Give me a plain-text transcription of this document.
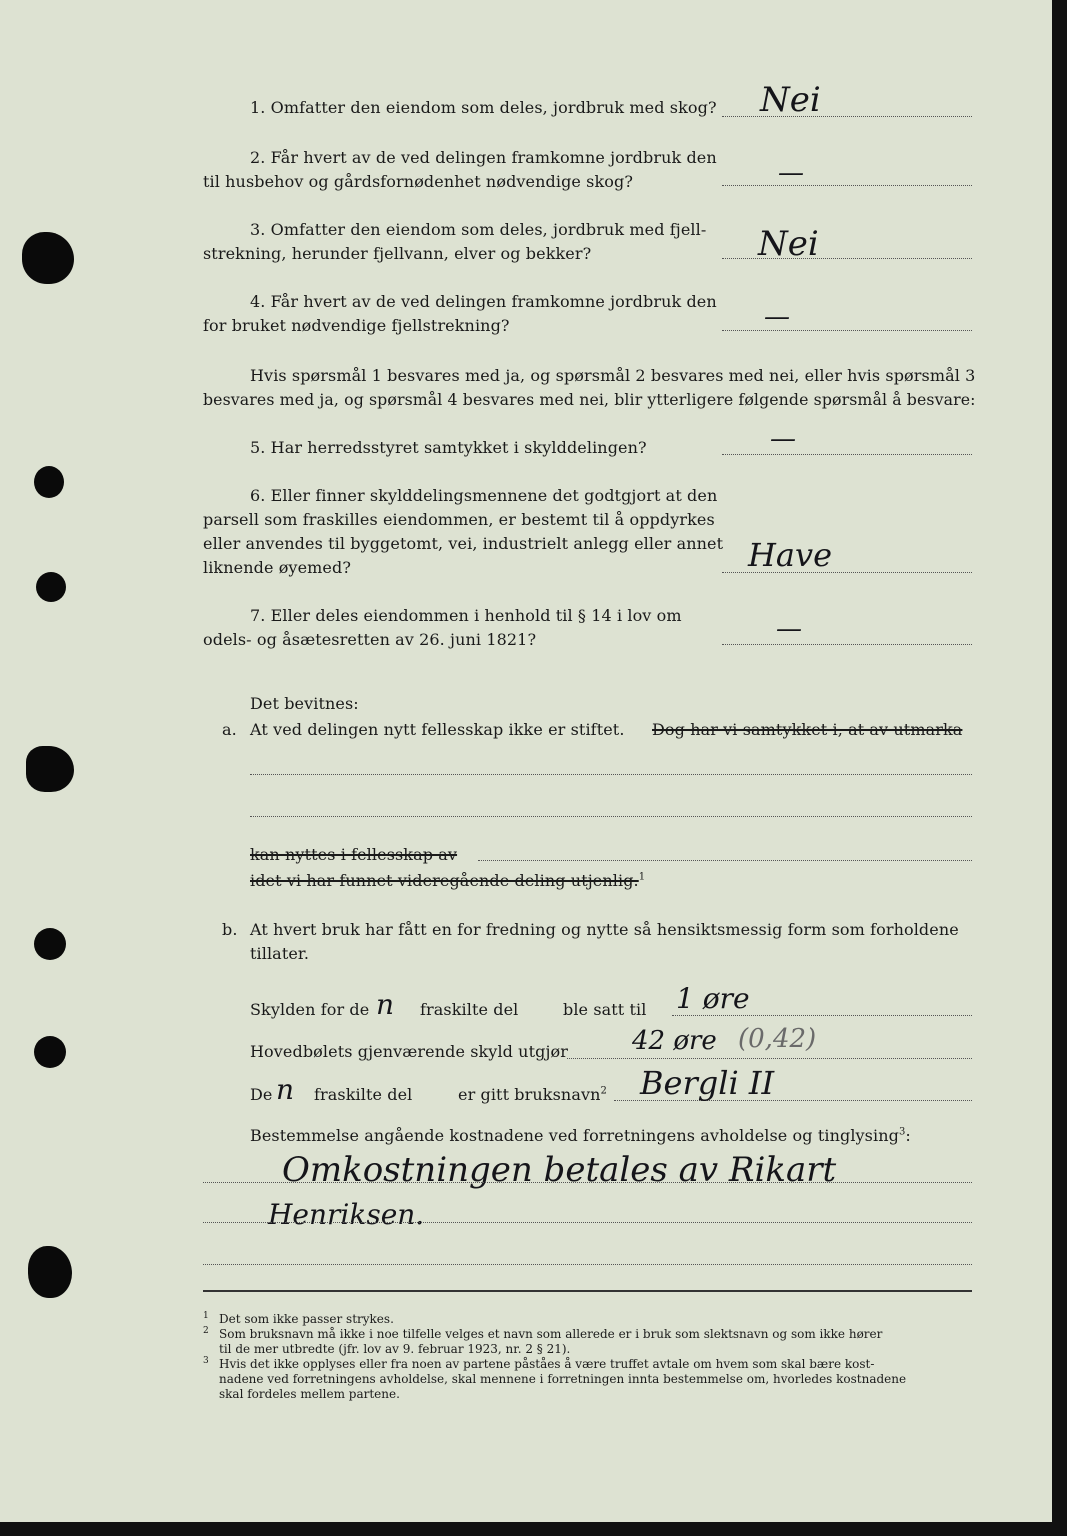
1. Omfatter den eiendom som deles, jordbruk med skog? Nei
2. Får hvert av de ved delingen framkomne jordbruk den
til husbehov og gårdsfornødenhet nødvendige skog?	—
3. Omfatter den eiendom som deles, jordbruk med fjell-
strekning, herunder fjellvann, elver og bekker?	Nei
4. Får hvert av de ved delingen framkomne jordbruk den
for bruket nødvendige fjellstrekning?	—
Hvis spørsmål 1 besvares med ja, og spørsmål 2 besvares med nei, eller hvis spørsmål 3
besvares med ja, og spørsmål 4 besvares med nei, blir ytterligere følgende spørsmål å besvare:
5. Har herredsstyret samtykket i skylddelingen?	—
6. Eller finner skylddelingsmennene det godtgjort at den
parsell som fraskilles eiendommen, er bestemt til å oppdyrkes
eller anvendes til byggetomt, vei, industrielt anlegg eller annet
liknende øyemed?	Have
7. Eller deles eiendommen i henhold til § 14 i lov om
odels- og åsætesretten av 26. juni 1821?	—
Det bevitnes:
a. At ved delingen nytt fellesskap ikke er stiftet. Dog har vi samtykket i, at av utmarka
kan nyttes i fellesskap av
idet vi har funnet videregående deling utjenlig.$^1$
b. At hvert bruk har fått en for fredning og nytte så hensiktsmessig form som forholdene
tillater.
Skylden for de n fraskilte del	ble satt til 1 øre
Hovedbølets gjenværende skyld utgjør 42 øre (0,42)
De n fraskilte del	er gitt bruksnavn$^2$ Bergli II
Bestemmelse angående kostnadene ved forretningens avholdelse og tinglysing$^3$:
Omkostningen betales av Rikart
Henriksen.
1 Det som ikke passer strykes.
2 Som bruksnavn må ikke i noe tilfelle velges et navn som allerede er i bruk som slektsnavn og som ikke hører
til de mer utbredte (jfr. lov av 9. februar 1923, nr. 2 § 21).
3 Hvis det ikke opplyses eller fra noen av partene påståes å være truffet avtale om hvem som skal bære kost-
nadene ved forretningens avholdelse, skal mennene i forretningen innta bestemmelse om, hvorledes kostnadene
skal fordeles mellem partene.
